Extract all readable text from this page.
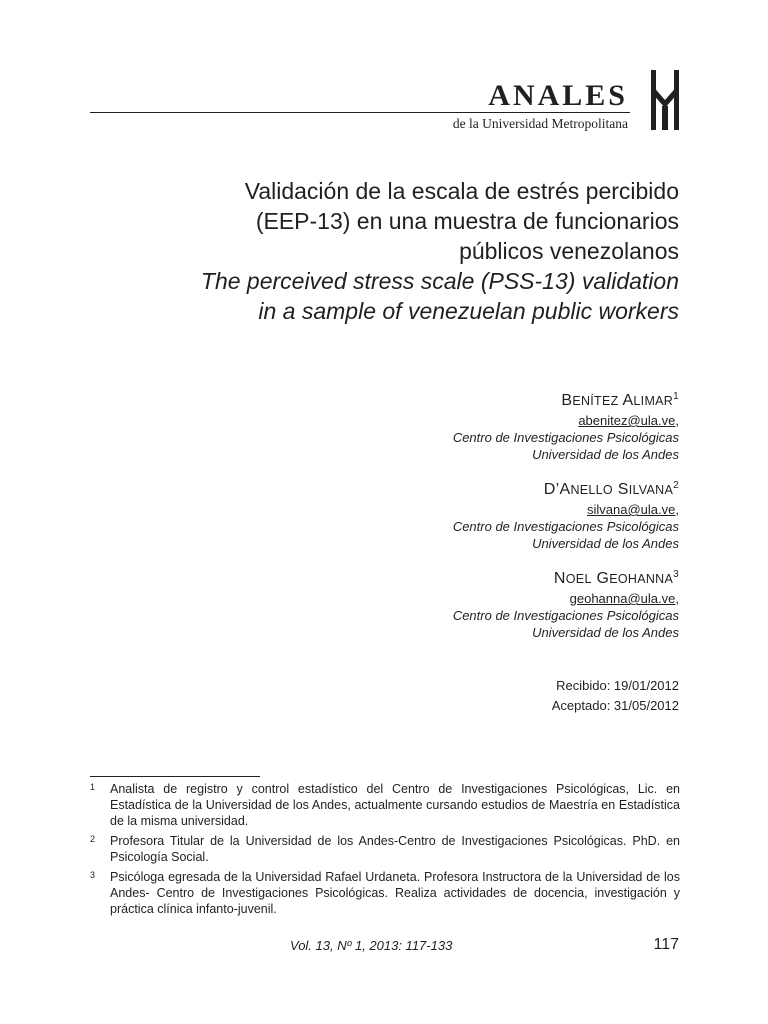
ANALES
de la Universidad Metropolitana
Validación de la escala de estrés percibido
(EEP-13) en una muestra de funcionarios
públicos venezolanos
The perceived stress scale (PSS-13) validation
in a sample of venezuelan public workers
BENÍTEZ ALIMAR$^1$
abenitez@ula.ve,
Centro de Investigaciones Psicológicas
Universidad de los Andes
D’ANELLO SILVANA$^2$
silvana@ula.ve,
Centro de Investigaciones Psicológicas
Universidad de los Andes
NOEL GEOHANNA$^3$
geohanna@ula.ve,
Centro de Investigaciones Psicológicas
Universidad de los Andes
Recibido: 19/01/2012
Aceptado: 31/05/2012
1 Analista de registro y control estadístico del Centro de Investigaciones Psicológicas, Lic. en Estadística de la Universidad de los Andes, actualmente cursando estudios de Maestría en Estadística de la misma universidad.
2 Profesora Titular de la Universidad de los Andes-Centro de Investigaciones Psicológicas. PhD. en Psicología Social.
3 Psicóloga egresada de la Universidad Rafael Urdaneta. Profesora Instructora de la Universidad de los Andes- Centro de Investigaciones Psicológicas. Realiza actividades de docencia, investigación y práctica clínica infanto-juvenil.
Vol. 13, Nº 1, 2013: 117-133	117
